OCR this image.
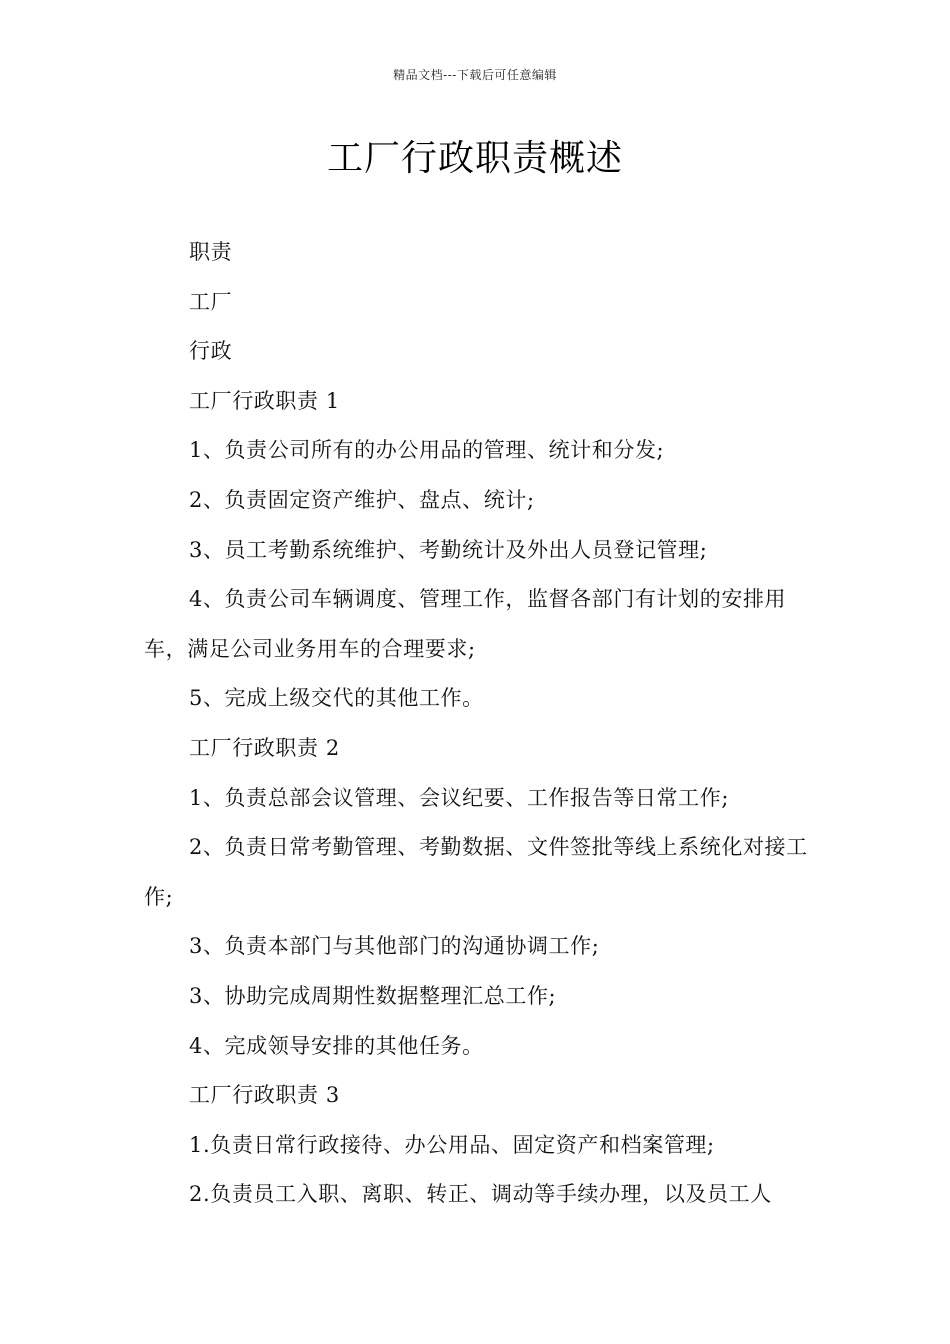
精品文档---下载后可任意编辑
工厂行政职责概述

职责

工厂

行政

工厂行政职责 1

1、负责公司所有的办公用品的管理、统计和分发;

2、负责固定资产维护、盘点、统计;

3、员工考勤系统维护、考勤统计及外出人员登记管理;

4、负责公司车辆调度、管理工作，监督各部门有计划的安排用车，满足公司业务用车的合理要求;

5、完成上级交代的其他工作。

工厂行政职责 2

1、负责总部会议管理、会议纪要、工作报告等日常工作;

2、负责日常考勤管理、考勤数据、文件签批等线上系统化对接工作;

3、负责本部门与其他部门的沟通协调工作;

3、协助完成周期性数据整理汇总工作;

4、完成领导安排的其他任务。

工厂行政职责 3

1.负责日常行政接待、办公用品、固定资产和档案管理;

2.负责员工入职、离职、转正、调动等手续办理，以及员工人
